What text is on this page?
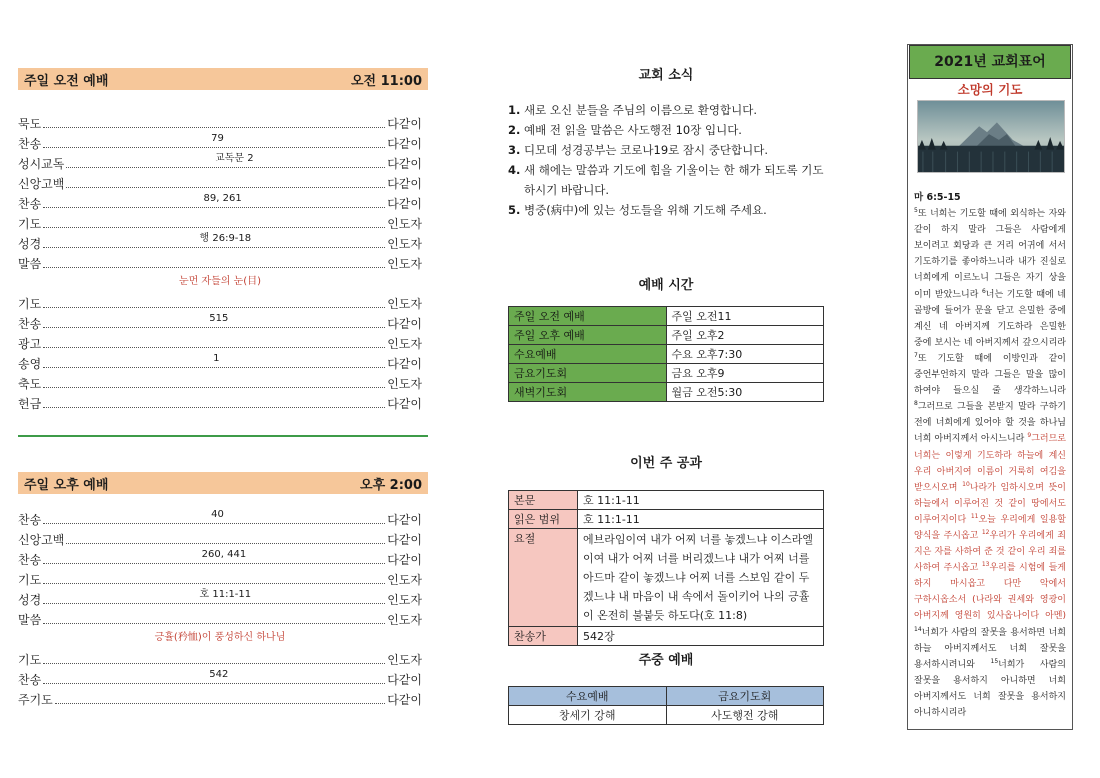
주일 오전 예배	오전 11:00
묵도	다같이
찬송	79	다같이
성시교독	교독문 2	다같이
신앙고백	다같이
찬송	89, 261	다같이
기도	인도자
성경	행 26:9-18	인도자
말씀	인도자
눈먼 자들의 눈(目)
기도	인도자
찬송	515	다같이
광고	인도자
송영	1	다같이
축도	인도자
헌금	다같이
주일 오후 예배	오후 2:00
찬송	40	다같이
신앙고백	다같이
찬송	260, 441	다같이
기도	인도자
성경	호 11:1-11	인도자
말씀	인도자
긍휼(矜恤)이 풍성하신 하나님
기도	인도자
찬송	542	다같이
주기도	다같이
교회 소식
1. 새로 오신 분들을 주님의 이름으로 환영합니다.
2. 예배 전 읽을 말씀은 사도행전 10장 입니다.
3. 디모데 성경공부는 코로나19로 잠시 중단합니다.
4. 새 해에는 말씀과 기도에 힘을 기울이는 한 해가 되도록 기도하시기 바랍니다.
5. 병중(病中)에 있는 성도들을 위해 기도해 주세요.
예배 시간
주일 오전 예배	주일 오전11
주일 오후 예배	주일 오후2
수요예배	수요 오후7:30
금요기도회	금요 오후9
새벽기도회	월금 오전5:30
이번 주 공과
본문	호 11:1-11
읽은 범위	호 11:1-11
요절	에브라임이여 내가 어찌 너를 놓겠느냐 이스라엘이여 내가 어찌 너를 버리겠느냐 내가 어찌 너를 아드마 같이 놓겠느냐 어찌 너를 스보임 같이 두겠느냐 내 마음이 내 속에서 돌이키어 나의 긍휼이 온전히 불붙듯 하도다(호 11:8)
찬송가	542장
주중 예배
수요예배	금요기도회
창세기 강해	사도행전 강해
2021년 교회표어
소망의 기도
마 6:5-15
$^5$또 너희는 기도할 때에 외식하는 자와 같이 하지 말라 그들은 사람에게 보이려고 회당과 큰 거리 어귀에 서서 기도하기를 좋아하느니라 내가 진실로 너희에게 이르노니 그들은 자기 상을 이미 받았느니라 $^6$너는 기도할 때에 네 골방에 들어가 문을 닫고 은밀한 중에 계신 네 아버지께 기도하라 은밀한 중에 보시는 네 아버지께서 갚으시리라 $^7$또 기도할 때에 이방인과 같이 중언부언하지 말라 그들은 말을 많이 하여야 들으실 줄 생각하느니라 $^8$그러므로 그들을 본받지 말라 구하기 전에 너희에게 있어야 할 것을 하나님 너희 아버지께서 아시느니라 $^9$그러므로 너희는 이렇게 기도하라 하늘에 계신 우리 아버지여 이름이 거룩히 여김을 받으시오며 $^{10}$나라가 임하시오며 뜻이 하늘에서 이루어진 것 같이 땅에서도 이루어지이다 $^{11}$오늘 우리에게 일용할 양식을 주시옵고 $^{12}$우리가 우리에게 죄 지은 자를 사하여 준 것 같이 우리 죄를 사하여 주시옵고 $^{13}$우리를 시험에 들게 하지 마시옵고 다만 악에서 구하시옵소서 (나라와 권세와 영광이 아버지께 영원히 있사옵나이다 아멘) $^{14}$너희가 사람의 잘못을 용서하면 너희 하늘 아버지께서도 너희 잘못을 용서하시려니와 $^{15}$너희가 사람의 잘못을 용서하지 아니하면 너희 아버지께서도 너희 잘못을 용서하지 아니하시리라
